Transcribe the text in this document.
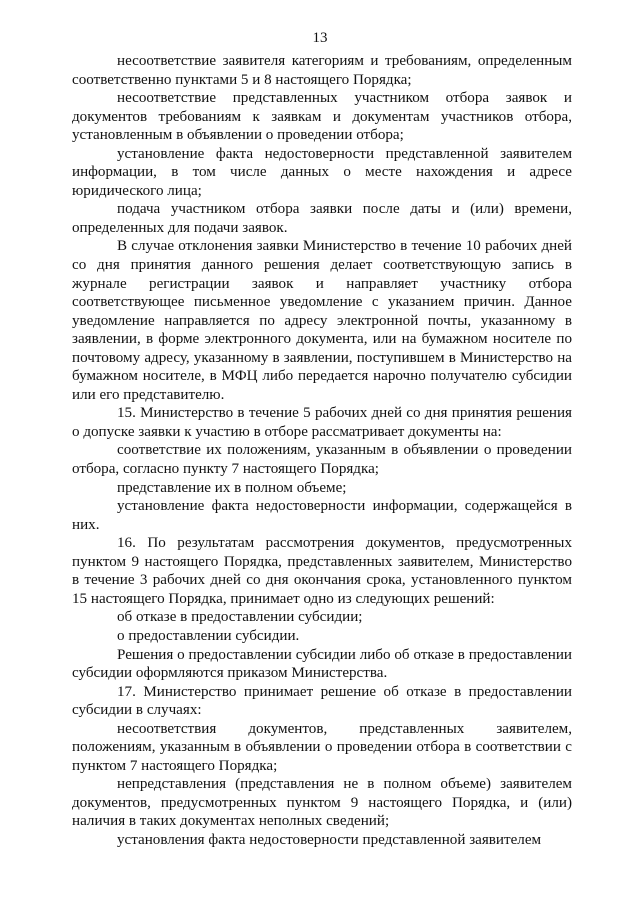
13

несоответствие заявителя категориям и требованиям, определенным соответственно пунктами 5 и 8 настоящего Порядка;

несоответствие представленных участником отбора заявок и документов требованиям к заявкам и документам участников отбора, установленным в объявлении о проведении отбора;

установление факта недостоверности представленной заявителем информации, в том числе данных о месте нахождения и адресе юридического лица;

подача участником отбора заявки после даты и (или) времени, определенных для подачи заявок.

В случае отклонения заявки Министерство в течение 10 рабочих дней со дня принятия данного решения делает соответствующую запись в журнале регистрации заявок и направляет участнику отбора соответствующее письменное уведомление с указанием причин. Данное уведомление направляется по адресу электронной почты, указанному в заявлении, в форме электронного документа, или на бумажном носителе по почтовому адресу, указанному в заявлении, поступившем в Министерство на бумажном носителе, в МФЦ либо передается нарочно получателю субсидии или его представителю.

15. Министерство в течение 5 рабочих дней со дня принятия решения о допуске заявки к участию в отборе рассматривает документы на:

соответствие их положениям, указанным в объявлении о проведении отбора, согласно пункту 7 настоящего Порядка;

представление их в полном объеме;

установление факта недостоверности информации, содержащейся в них.

16. По результатам рассмотрения документов, предусмотренных пунктом 9 настоящего Порядка, представленных заявителем, Министерство в течение 3 рабочих дней со дня окончания срока, установленного пунктом 15 настоящего Порядка, принимает одно из следующих решений:

об отказе в предоставлении субсидии;

о предоставлении субсидии.

Решения о предоставлении субсидии либо об отказе в предоставлении субсидии оформляются приказом Министерства.

17. Министерство принимает решение об отказе в предоставлении субсидии в случаях:

несоответствия документов, представленных заявителем, положениям, указанным в объявлении о проведении отбора в соответствии с пунктом 7 настоящего Порядка;

непредставления (представления не в полном объеме) заявителем документов, предусмотренных пунктом 9 настоящего Порядка, и (или) наличия в таких документах неполных сведений;

установления факта недостоверности представленной заявителем
